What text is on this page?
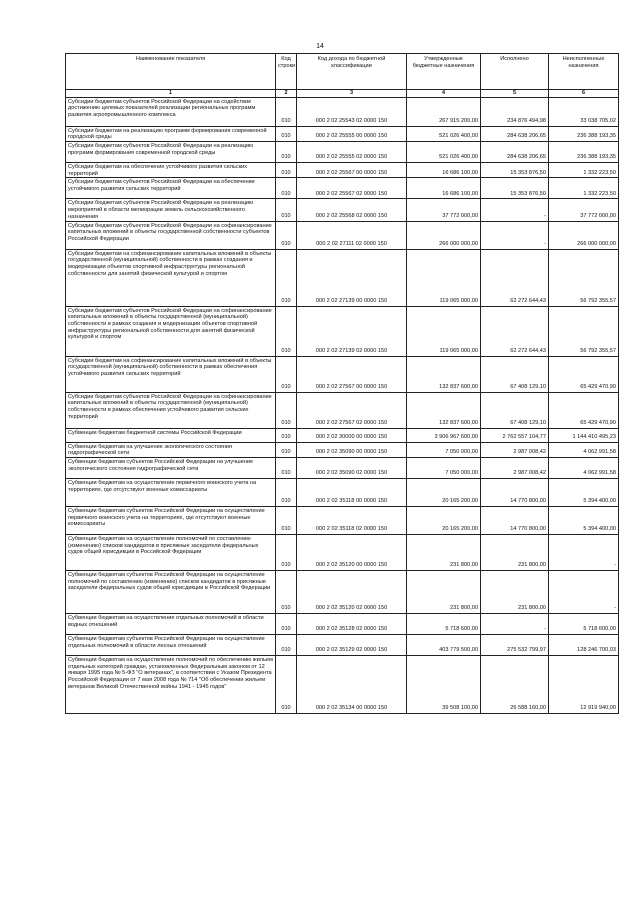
· ·
14
Наименование показателя	Код строки	Код дохода по бюджетной классификации	Утвержденные бюджетные назначения	Исполнено	Неисполненные назначения
1	2	3	4	5	6
Субсидии бюджетам субъектов Российской Федерации на содействие достижению целевых показателей реализации региональных программ развития агропромышленного комплекса	010	000 2 02 25543 02 0000 150	267 915 200,00	234 876 494,98	33 038 705,02
Субсидии бюджетам на реализацию программ формирования современной городской среды	010	000 2 02 25555 00 0000 150	521 026 400,00	284 638 206,65	236 388 193,35
Субсидии бюджетам субъектов Российской Федерации на реализацию программ формирования современной городской среды	010	000 2 02 25555 02 0000 150	521 026 400,00	284 638 206,65	236 388 193,35
Субсидии бюджетам на обеспечение устойчивого развития сельских территорий	010	000 2 02 25567 00 0000 150	16 686 100,00	15 353 876,50	1 332 223,50
Субсидии бюджетам субъектов Российской Федерации на обеспечение устойчивого развития сельских территорий	010	000 2 02 25567 02 0000 150	16 686 100,00	15 353 876,50	1 332 223,50
Субсидии бюджетам субъектов Российской Федерации на реализацию мероприятий в области мелиорации земель сельскохозяйственного назначения	010	000 2 02 25568 02 0000 150	37 772 000,00	-	37 772 000,00
Субсидии бюджетам субъектов Российской Федерации на софинансирование капитальных вложений в объекты государственной собственности субъектов Российской Федерации	010	000 2 02 27111 02 0000 150	266 000 000,00	-	266 000 000,00
Субсидии бюджетам на софинансирование капитальных вложений в объекты государственной (муниципальной) собственности в рамках создания и модернизации объектов спортивной инфраструктуры региональной собственности для занятий физической культурой и спортом	010	000 2 02 27139 00 0000 150	119 065 000,00	62 272 644,43	56 792 355,57
Субсидии бюджетам субъектов Российской Федерации на софинансирование капитальных вложений в объекты государственной (муниципальной) собственности в рамках создания и модернизации объектов спортивной инфраструктуры региональной собственности для занятий физической культурой и спортом	010	000 2 02 27139 02 0000 150	119 065 000,00	62 272 644,43	56 792 355,57
Субсидии бюджетам на софинансирование капитальных вложений в объекты государственной (муниципальной) собственности в рамках обеспечения устойчивого развития сельских территорий	010	000 2 02 27567 00 0000 150	132 837 600,00	67 408 129,10	65 429 470,90
Субсидии бюджетам субъектов Российской Федерации на софинансирование капитальных вложений в объекты государственной (муниципальной) собственности в рамках обеспечения устойчивого развития сельских территорий	010	000 2 02 27567 02 0000 150	132 837 600,00	67 408 129,10	65 429 470,90
Субвенции бюджетам бюджетной системы Российской Федерации	010	000 2 02 30000 00 0000 150	3 906 967 600,00	2 762 557 104,77	1 144 410 495,23
Субвенции бюджетам на улучшение экологического состояния гидрографической сети	010	000 2 02 35090 00 0000 150	7 050 000,00	2 987 008,42	4 062 991,58
Субвенции бюджетам субъектов Российской Федерации на улучшение экологического состояния гидрографической сети	010	000 2 02 35090 02 0000 150	7 050 000,00	2 987 008,42	4 062 991,58
Субвенции бюджетам на осуществление первичного воинского учета на территориях, где отсутствуют военные комиссариаты	010	000 2 02 35118 00 0000 150	20 165 200,00	14 770 800,00	5 394 400,00
Субвенции бюджетам субъектов Российской Федерации на осуществление первичного воинского учета на территориях, где отсутствуют военные комиссариаты	010	000 2 02 35118 02 0000 150	20 165 200,00	14 770 800,00	5 394 400,00
Субвенции бюджетам на осуществление полномочий по составлению (изменению) списков кандидатов в присяжные заседатели федеральных судов общей юрисдикции в Российской Федерации	010	000 2 02 35120 00 0000 150	231 800,00	231 800,00	-
Субвенции бюджетам субъектов Российской Федерации на осуществление полномочий по составлению (изменению) списков кандидатов в присяжные заседатели федеральных судов общей юрисдикции в Российской Федерации	010	000 2 02 35120 02 0000 150	231 800,00	231 800,00	-
Субвенции бюджетам на осуществление отдельных полномочий в области водных отношений	010	000 2 02 35128 02 0000 150	5 718 600,00	-	5 718 600,00
Субвенции бюджетам субъектов Российской Федерации на осуществление отдельных полномочий в области лесных отношений	010	000 2 02 35129 02 0000 150	403 779 500,00	275 532 799,97	128 246 700,03
Субвенции бюджетам на осуществление полномочий по обеспечению жильем отдельных категорий граждан, установленных Федеральным законом от 12 января 1995 года № 5-ФЗ "О ветеранах", в соответствии с Указом Президента Российской Федерации от 7 мая 2008 года № 714 "Об обеспечении жильем ветеранов Великой Отечественной войны 1941 - 1945 годов"	010	000 2 02 35134 00 0000 150	39 508 100,00	26 588 160,00	12 919 940,00
